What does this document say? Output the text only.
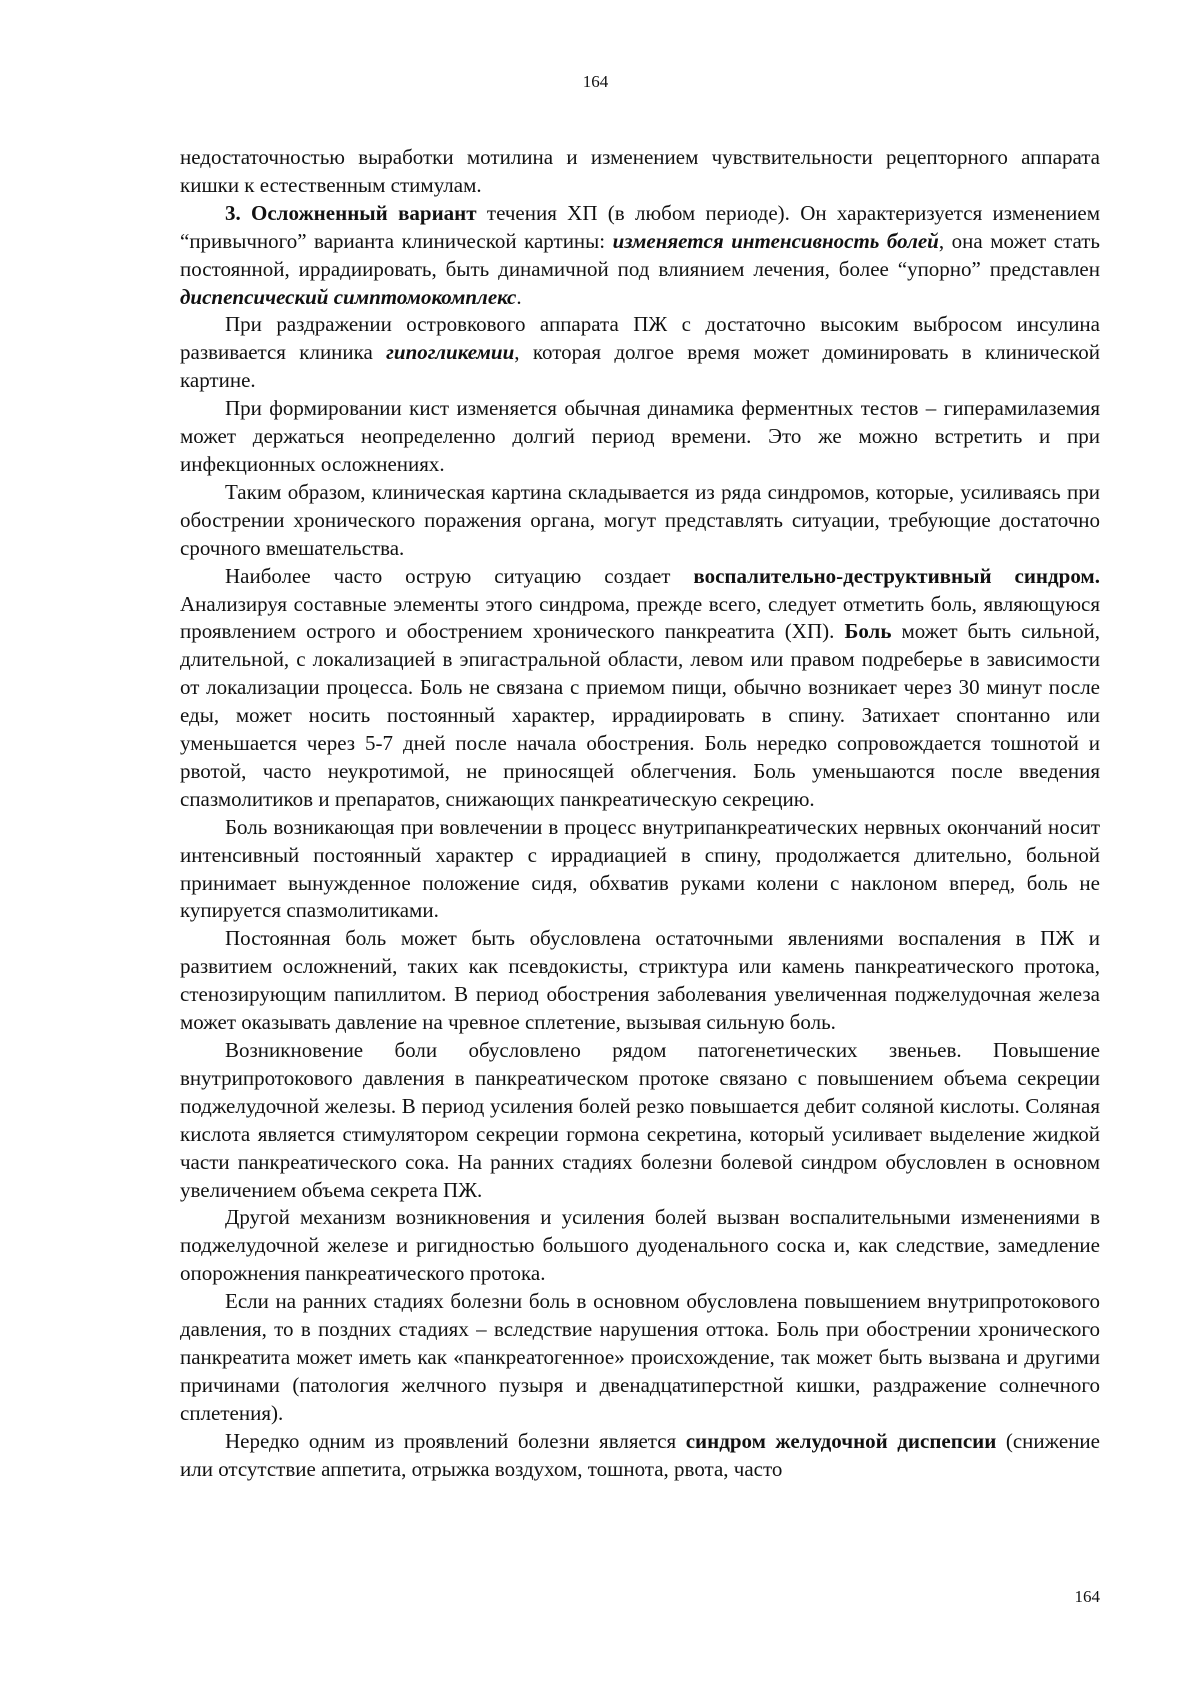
164

недостаточностью выработки мотилина и изменением чувствительности рецепторного аппарата кишки к естественным стимулам.

3. Осложненный вариант течения ХП (в любом периоде). Он характеризуется изменением “привычного” варианта клинической картины: изменяется интенсивность болей, она может стать постоянной, иррадиировать, быть динамичной под влиянием лечения, более “упорно” представлен диспепсический симптомокомплекс.

При раздражении островкового аппарата ПЖ с достаточно высоким выбросом инсулина развивается клиника гипогликемии, которая долгое время может доминировать в клинической картине.

При формировании кист изменяется обычная динамика ферментных тестов – гиперамилаземия может держаться неопределенно долгий период времени. Это же можно встретить и при инфекционных осложнениях.

Таким образом, клиническая картина складывается из ряда синдромов, которые, усиливаясь при обострении хронического поражения органа, могут представлять ситуации, требующие достаточно срочного вмешательства.

Наиболее часто острую ситуацию создает воспалительно-деструктивный синдром. Анализируя составные элементы этого синдрома, прежде всего, следует отметить боль, являющуюся проявлением острого и обострением хронического панкреатита (ХП). Боль может быть сильной, длительной, с локализацией в эпигастральной области, левом или правом подреберье в зависимости от локализации процесса. Боль не связана с приемом пищи, обычно возникает через 30 минут после еды, может носить постоянный характер, иррадиировать в спину. Затихает спонтанно или уменьшается через 5-7 дней после начала обострения. Боль нередко сопровождается тошнотой и рвотой, часто неукротимой, не приносящей облегчения. Боль уменьшаются после введения спазмолитиков и препаратов, снижающих панкреатическую секрецию.

Боль возникающая при вовлечении в процесс внутрипанкреатических нервных окончаний носит интенсивный постоянный характер с иррадиацией в спину, продолжается длительно, больной принимает вынужденное положение сидя, обхватив руками колени с наклоном вперед, боль не купируется спазмолитиками.

Постоянная боль может быть обусловлена остаточными явлениями воспаления в ПЖ и развитием осложнений, таких как псевдокисты, стриктура или камень панкреатического протока, стенозирующим папиллитом. В период обострения заболевания увеличенная поджелудочная железа может оказывать давление на чревное сплетение, вызывая сильную боль.

Возникновение боли обусловлено рядом патогенетических звеньев. Повышение внутрипротокового давления в панкреатическом протоке связано с повышением объема секреции поджелудочной железы. В период усиления болей резко повышается дебит соляной кислоты. Соляная кислота является стимулятором секреции гормона секретина, который усиливает выделение жидкой части панкреатического сока. На ранних стадиях болезни болевой синдром обусловлен в основном увеличением объема секрета ПЖ.

Другой механизм возникновения и усиления болей вызван воспалительными изменениями в поджелудочной железе и ригидностью большого дуоденального соска и, как следствие, замедление опорожнения панкреатического протока.

Если на ранних стадиях болезни боль в основном обусловлена повышением внутрипротокового давления, то в поздних стадиях – вследствие нарушения оттока. Боль при обострении хронического панкреатита может иметь как «панкреатогенное» происхождение, так может быть вызвана и другими причинами (патология желчного пузыря и двенадцатиперстной кишки, раздражение солнечного сплетения).

Нередко одним из проявлений болезни является синдром желудочной диспепсии (снижение или отсутствие аппетита, отрыжка воздухом, тошнота, рвота, часто

164
